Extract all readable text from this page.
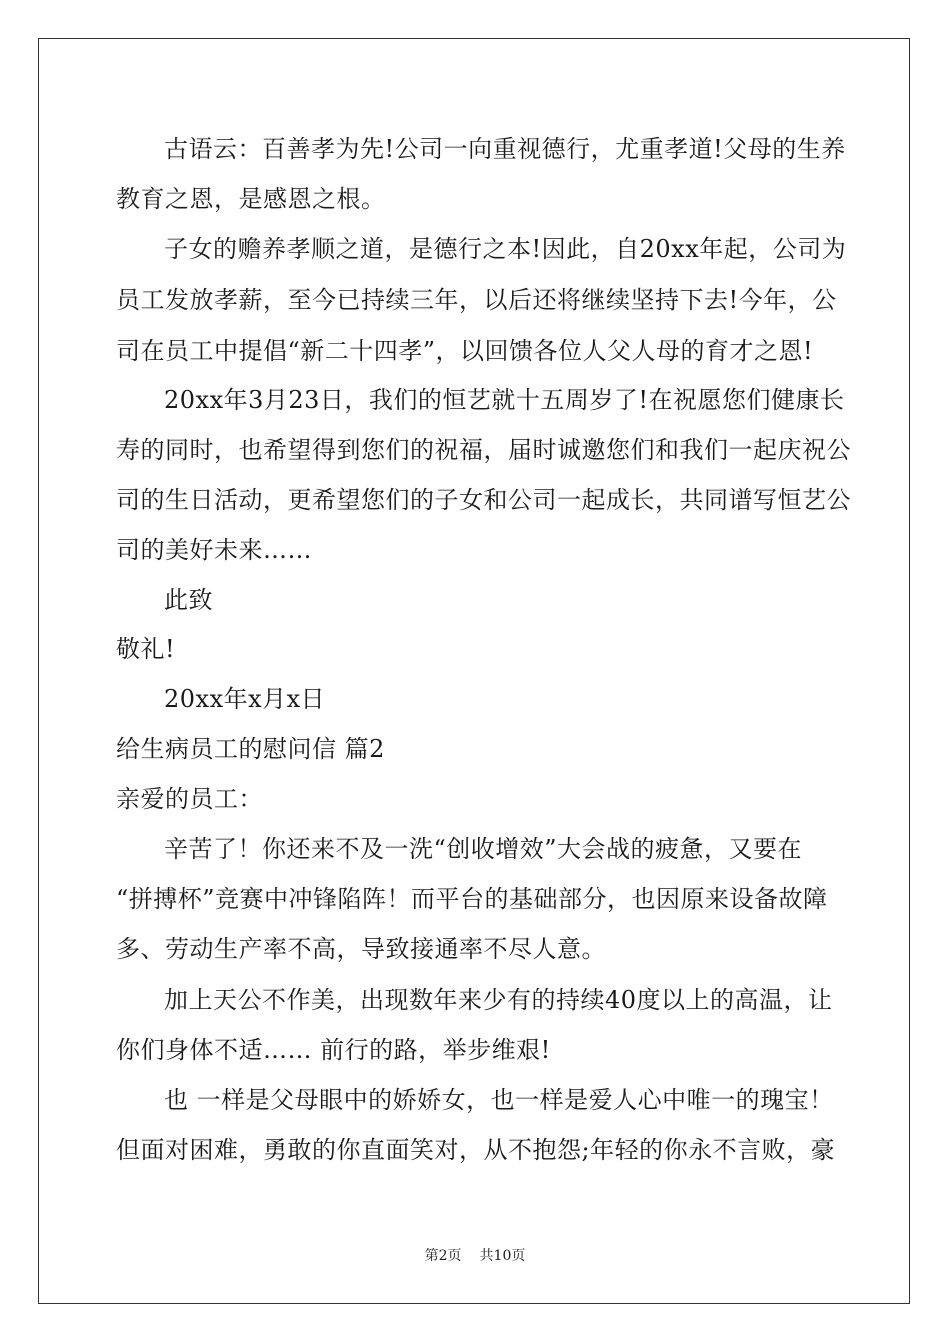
古语云：百善孝为先!公司一向重视德行，尤重孝道!父母的生养
教育之恩，是感恩之根。
子女的赡养孝顺之道，是德行之本!因此，自20xx年起，公司为
员工发放孝薪，至今已持续三年，以后还将继续坚持下去!今年，公
司在员工中提倡“新二十四孝”，以回馈各位人父人母的育才之恩!
20xx年3月23日，我们的恒艺就十五周岁了!在祝愿您们健康长
寿的同时，也希望得到您们的祝福，届时诚邀您们和我们一起庆祝公
司的生日活动，更希望您们的子女和公司一起成长，共同谱写恒艺公
司的美好未来……
此致
敬礼!
20xx年x月x日
给生病员工的慰问信 篇2
亲爱的员工：
辛苦了！你还来不及一洗“创收增效”大会战的疲惫，又要在
“拼搏杯”竞赛中冲锋陷阵！而平台的基础部分，也因原来设备故障
多、劳动生产率不高，导致接通率不尽人意。
加上天公不作美，出现数年来少有的持续40度以上的高温，让
你们身体不适…… 前行的路，举步维艰!
也 一样是父母眼中的娇娇女，也一样是爱人心中唯一的瑰宝！
但面对困难，勇敢的你直面笑对，从不抱怨;年轻的你永不言败，豪
第2页 共10页
